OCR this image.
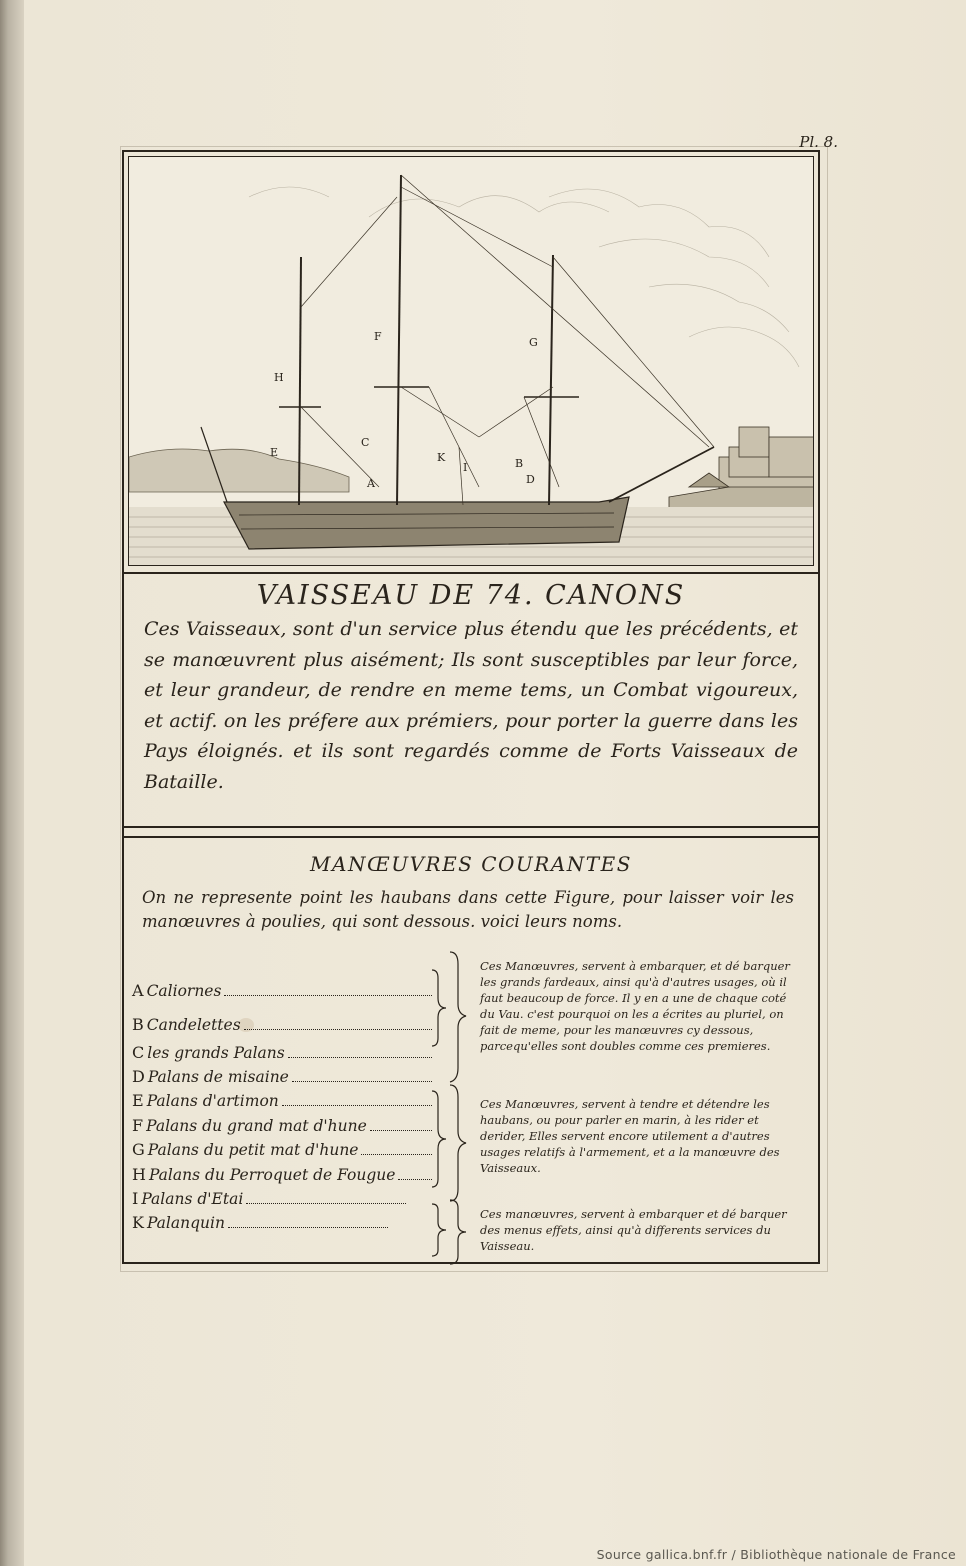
Pl. 8.
A
B
C
D
E
F	G
H
I
K
VAISSEAU DE 74. CANONS
Ces Vaisseaux, sont d'un service plus étendu que les précédents, et se manœuvrent plus aisément; Ils sont susceptibles par leur force, et leur grandeur, de rendre en meme tems, un Combat vigoureux, et actif. on les préfere aux prémiers, pour porter la guerre dans les Pays éloignés. et ils sont regardés comme de Forts Vaisseaux de Bataille.
MANŒUVRES COURANTES
On ne represente point les haubans dans cette Figure, pour laisser voir les manœuvres à poulies, qui sont dessous. voici leurs noms.
A Caliornes
B Candelettes
C les grands Palans
D Palans de misaine
E Palans d'artimon
F Palans du grand mat d'hune
G Palans du petit mat d'hune
H Palans du Perroquet de Fougue
I Palans d'Etai
K Palanquin
Ces Manœuvres, servent à embarquer, et dé barquer les grands fardeaux, ainsi qu'à d'autres usages, où il faut beaucoup de force. Il y en a une de chaque coté du Vau. c'est pourquoi on les a écrites au pluriel, on fait de meme, pour les manœuvres cy dessous, parcequ'elles sont doubles comme ces premieres.
Ces Manœuvres, servent à tendre et détendre les haubans, ou pour parler en marin, à les rider et derider, Elles servent encore utilement a d'autres usages relatifs à l'armement, et a la manœuvre des Vaisseaux.
Ces manœuvres, servent à embarquer et dé barquer des menus effets, ainsi qu'à differents services du Vaisseau.
Source gallica.bnf.fr / Bibliothèque nationale de France
